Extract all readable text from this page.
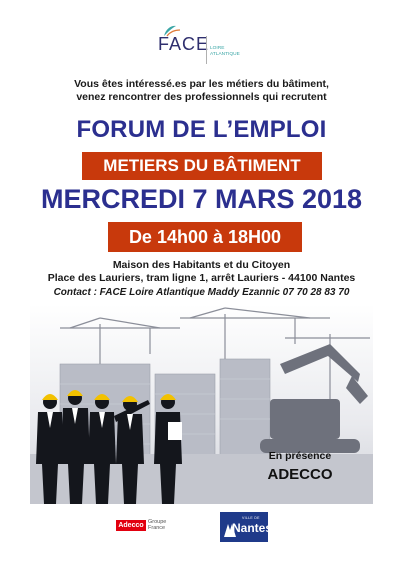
FACE LOIRE ATLANTIQUE
Vous êtes intéressé.es par les métiers du bâtiment,
venez rencontrer des professionnels qui recrutent
FORUM DE L’EMPLOI
METIERS DU BÂTIMENT
MERCREDI 7 MARS 2018
De 14h00 à 18H00
Maison des Habitants et du Citoyen
Place des Lauriers, tram ligne 1, arrêt Lauriers - 44100 Nantes
Contact : FACE Loire Atlantique Maddy Ezannic 07 70 28 83 70
En présence
ADECCO
Adecco Groupe
France
VILLE DE
Nantes
